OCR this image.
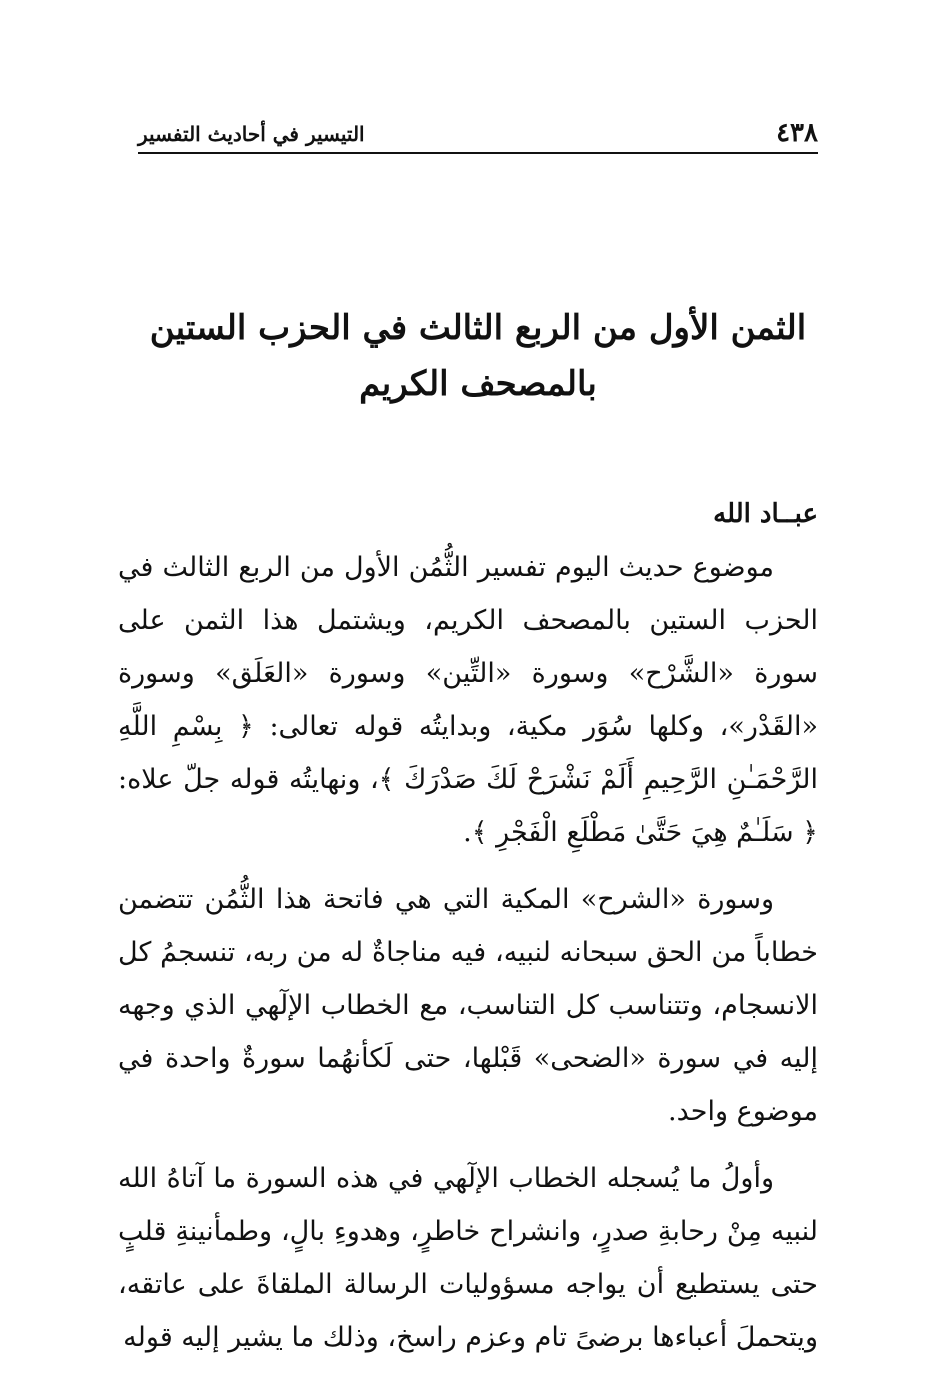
٤٣٨
التيسير في أحاديث التفسير
الثمن الأول من الربع الثالث في الحزب الستين
بالمصحف الكريم

عبــاد الله

موضوع حديث اليوم تفسير الثُّمُن الأول من الربع الثالث في الحزب الستين بالمصحف الكريم، ويشتمل هذا الثمن على سورة «الشَّرْح» وسورة «التِّين» وسورة «العَلَق» وسورة «القَدْر»، وكلها سُوَر مكية، وبدايتُه قوله تعالى: ﴿ بِسْمِ اللَّهِ الرَّحْمَـٰنِ الرَّحِيمِ أَلَمْ نَشْرَحْ لَكَ صَدْرَكَ ﴾، ونهايتُه قوله جلّ علاه: ﴿ سَلَـٰمٌ هِيَ حَتَّىٰ مَطْلَعِ الْفَجْرِ ﴾.

وسورة «الشرح» المكية التي هي فاتحة هذا الثُّمُن تتضمن خطاباً من الحق سبحانه لنبيه، فيه مناجاةٌ له من ربه، تنسجمُ كل الانسجام، وتتناسب كل التناسب، مع الخطاب الإلٓهي الذي وجهه إليه في سورة «الضحى» قَبْلها، حتى لَكأنهُما سورةٌ واحدة في موضوع واحد.

وأولُ ما يُسجله الخطاب الإلٓهي في هذه السورة ما آتاهُ الله لنبيه مِنْ رحابةِ صدرٍ، وانشراح خاطرٍ، وهدوءِ بالٍ، وطمأنينةِ قلبٍ حتى يستطيع أن يواجه مسؤوليات الرسالة الملقاةَ على عاتقه، ويتحملَ أعباءها برضىً تام وعزم راسخ، وذلك ما يشير إليه قوله
